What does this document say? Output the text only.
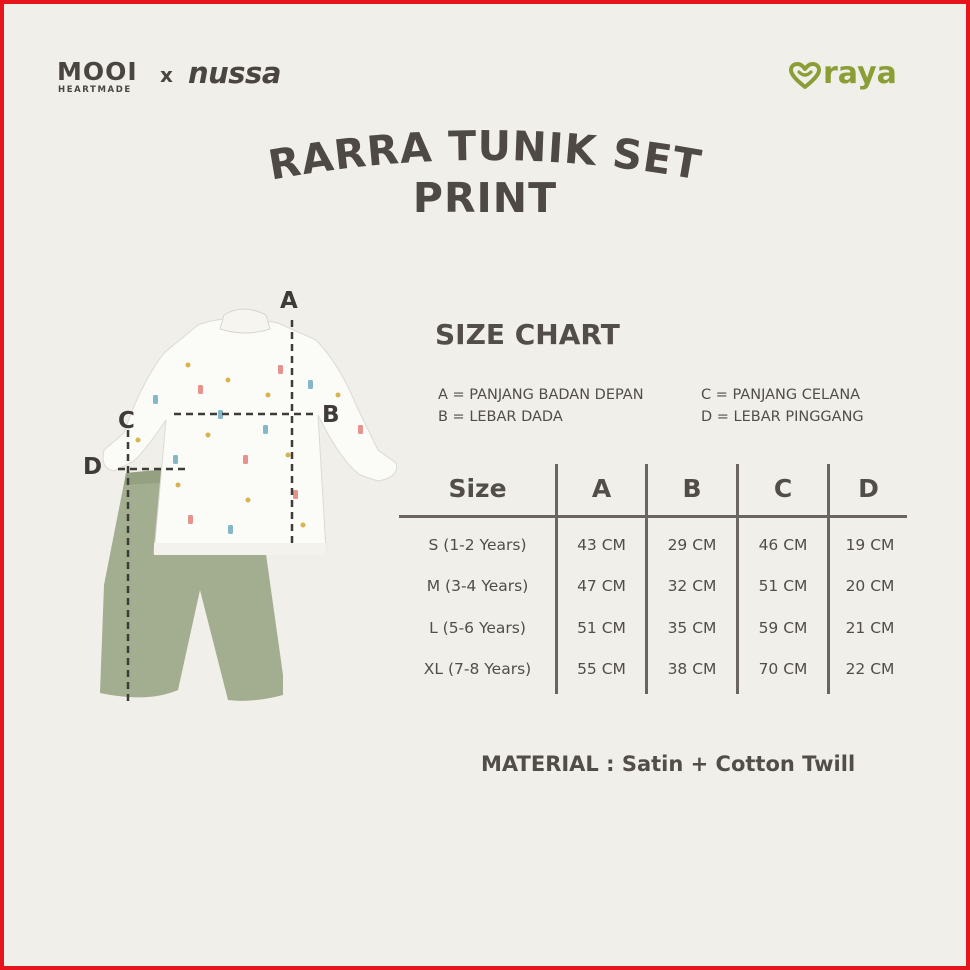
MOOI
HEARTMADE
x nussa	raya
RARRA TUNIK SET
PRINT
A
B
C
D
SIZE CHART
A = PANJANG BADAN DEPAN
B = LEBAR DADA
C = PANJANG CELANA
D = LEBAR PINGGANG
Size	A	B	C	D
S (1-2 Years)	43 CM	29 CM	46 CM	19 CM
M (3-4 Years)	47 CM	32 CM	51 CM	20 CM
L (5-6 Years)	51 CM	35 CM	59 CM	21 CM
XL (7-8 Years)	55 CM	38 CM	70 CM	22 CM
MATERIAL : Satin + Cotton Twill
